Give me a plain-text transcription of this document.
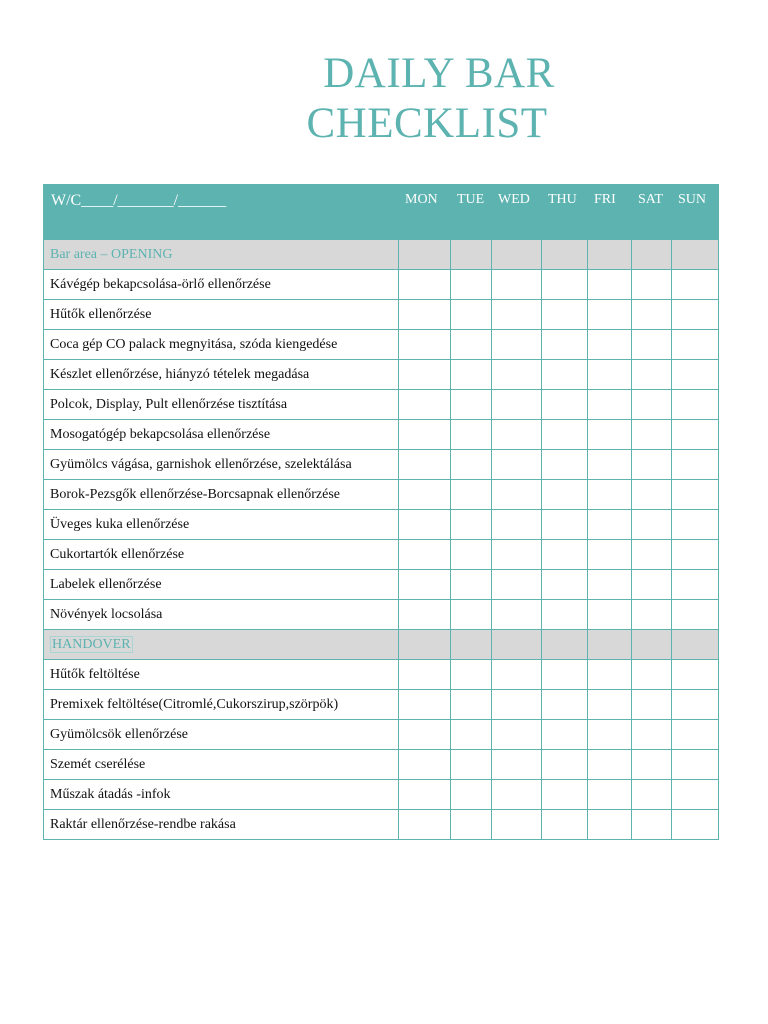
DAILY BAR
CHECKLIST
W/C____/_______/______	MON	TUE	WED	THU	FRI	SAT	SUN
Bar area – OPENING							
Kávégép bekapcsolása-örlő ellenőrzése							
Hűtők ellenőrzése							
Coca gép CO palack megnyitása, szóda kiengedése							
Készlet ellenőrzése, hiányzó tételek megadása							
Polcok, Display, Pult ellenőrzése tisztítása							
Mosogatógép bekapcsolása ellenőrzése							
Gyümölcs vágása, garnishok ellenőrzése, szelektálása							
Borok-Pezsgők ellenőrzése-Borcsapnak ellenőrzése							
Üveges kuka ellenőrzése							
Cukortartók ellenőrzése							
Labelek ellenőrzése							
Növények locsolása							
HANDOVER							
Hűtők feltöltése							
Premixek feltöltése(Citromlé,Cukorszirup,szörpök)							
Gyümölcsök ellenőrzése							
Szemét cserélése							
Műszak átadás -infok							
Raktár ellenőrzése-rendbe rakása							
